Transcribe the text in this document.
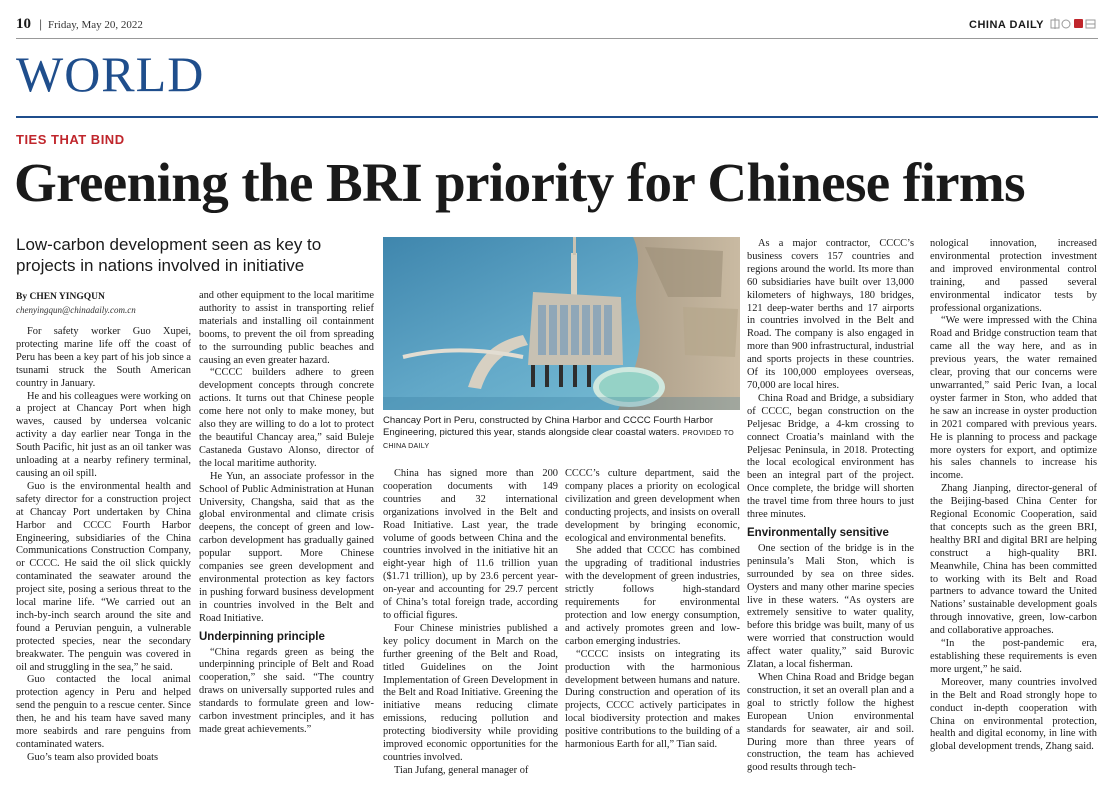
10 | Friday, May 20, 2022	CHINA DAILY
WORLD
TIES THAT BIND
Greening the BRI priority for Chinese firms
Low-carbon development seen as key to projects in nations involved in initiative
By CHEN YINGQUN
chenyingqun@chinadaily.com.cn

For safety worker Guo Xupei, protecting marine life off the coast of Peru has been a key part of his job since a tsunami struck the South American country in January.

He and his colleagues were working on a project at Chancay Port when high waves, caused by undersea volcanic activity a day earlier near Tonga in the South Pacific, hit just as an oil tanker was unloading at a nearby refinery terminal, causing an oil spill.

Guo is the environmental health and safety director for a construction project at Chancay Port undertaken by China Harbor and CCCC Fourth Harbor Engineering, subsidiaries of the China Communications Construction Company, or CCCC. He said the oil slick quickly contaminated the seawater around the project site, posing a serious threat to the local marine life. “We carried out an inch-by-inch search around the site and found a Peruvian penguin, a vulnerable protected species, near the secondary breakwater. The penguin was covered in oil and struggling in the sea,” he said.

Guo contacted the local animal protection agency in Peru and helped send the penguin to a rescue center. Since then, he and his team have saved many more seabirds and rare penguins from contaminated waters.

Guo’s team also provided boats

and other equipment to the local maritime authority to assist in transporting relief materials and installing oil containment booms, to prevent the oil from spreading to the surrounding public beaches and causing an even greater hazard.

“CCCC builders adhere to green development concepts through concrete actions. It turns out that Chinese people come here not only to make money, but also they are willing to do a lot to protect the beautiful Chancay area,” said Buleje Castaneda Gustavo Alonso, director of the local maritime authority.

He Yun, an associate professor in the School of Public Administration at Hunan University, Changsha, said that as the global environmental and climate crisis deepens, the concept of green and low-carbon development has gradually gained popular support. More Chinese companies see green development and environmental protection as key factors in pushing forward business development in countries involved in the Belt and Road Initiative.

Underpinning principle

“China regards green as being the underpinning principle of Belt and Road cooperation,” she said. “The country draws on universally supported rules and standards to formulate green and low-carbon investment principles, and it has made great achievements.”

Chancay Port in Peru, constructed by China Harbor and CCCC Fourth Harbor Engineering, pictured this year, stands alongside clear coastal waters. PROVIDED TO CHINA DAILY

China has signed more than 200 cooperation documents with 149 countries and 32 international organizations involved in the Belt and Road Initiative. Last year, the trade volume of goods between China and the countries involved in the initiative hit an eight-year high of 11.6 trillion yuan ($1.71 trillion), up by 23.6 percent year-on-year and accounting for 29.7 percent of China’s total foreign trade, according to official figures.

Four Chinese ministries published a key policy document in March on the further greening of the Belt and Road, titled Guidelines on the Joint Implementation of Green Development in the Belt and Road Initiative. Greening the initiative means reducing climate emissions, reducing pollution and protecting biodiversity while providing improved economic opportunities for the countries involved.

Tian Jufang, general manager of

CCCC’s culture department, said the company places a priority on ecological civilization and green development when conducting projects, and insists on overall development by bringing economic, ecological and environmental benefits.

She added that CCCC has combined the upgrading of traditional industries with the development of green industries, strictly follows high-standard requirements for environmental protection and low energy consumption, and actively promotes green and low-carbon emerging industries.

“CCCC insists on integrating its production with the harmonious development between humans and nature. During construction and operation of its projects, CCCC actively participates in local biodiversity protection and makes positive contributions to the building of a harmonious Earth for all,” Tian said.

As a major contractor, CCCC’s business covers 157 countries and regions around the world. Its more than 60 subsidiaries have built over 13,000 kilometers of highways, 180 bridges, 121 deep-water berths and 17 airports in countries involved in the Belt and Road. The company is also engaged in more than 900 infrastructural, industrial and sports projects in these countries. Of its 100,000 employees overseas, 70,000 are local hires.

China Road and Bridge, a subsidiary of CCCC, began construction on the Peljesac Bridge, a 4-km crossing to connect Croatia’s mainland with the Peljesac Peninsula, in 2018. Protecting the local ecological environment has been an integral part of the project. Once complete, the bridge will shorten the travel time from three hours to just three minutes.

Environmentally sensitive

One section of the bridge is in the peninsula’s Mali Ston, which is surrounded by sea on three sides. Oysters and many other marine species live in these waters. “As oysters are extremely sensitive to water quality, before this bridge was built, many of us were worried that construction would affect water quality,” said Burovic Zlatan, a local fisherman.

When China Road and Bridge began construction, it set an overall plan and a goal to strictly follow the highest European Union environmental standards for seawater, air and soil. During more than three years of construction, the team has achieved good results through tech-

nological innovation, increased environmental protection investment and improved environmental control training, and passed several environmental indicator tests by professional organizations.

“We were impressed with the China Road and Bridge construction team that came all the way here, and as in previous years, the water remained clear, proving that our concerns were unwarranted,” said Peric Ivan, a local oyster farmer in Ston, who added that he saw an increase in oyster production in 2021 compared with previous years. He is planning to process and package more oysters for export, and optimize his sales channels to increase his income.

Zhang Jianping, director-general of the Beijing-based China Center for Regional Economic Cooperation, said that concepts such as the green BRI, healthy BRI and digital BRI are helping construct a high-quality BRI. Meanwhile, China has been committed to working with its Belt and Road partners to advance toward the United Nations’ sustainable development goals through innovative, green, low-carbon and collaborative approaches.

“In the post-pandemic era, establishing these requirements is even more urgent,” he said.

Moreover, many countries involved in the Belt and Road strongly hope to conduct in-depth cooperation with China on environmental protection, health and digital economy, in line with global development trends, Zhang said.
